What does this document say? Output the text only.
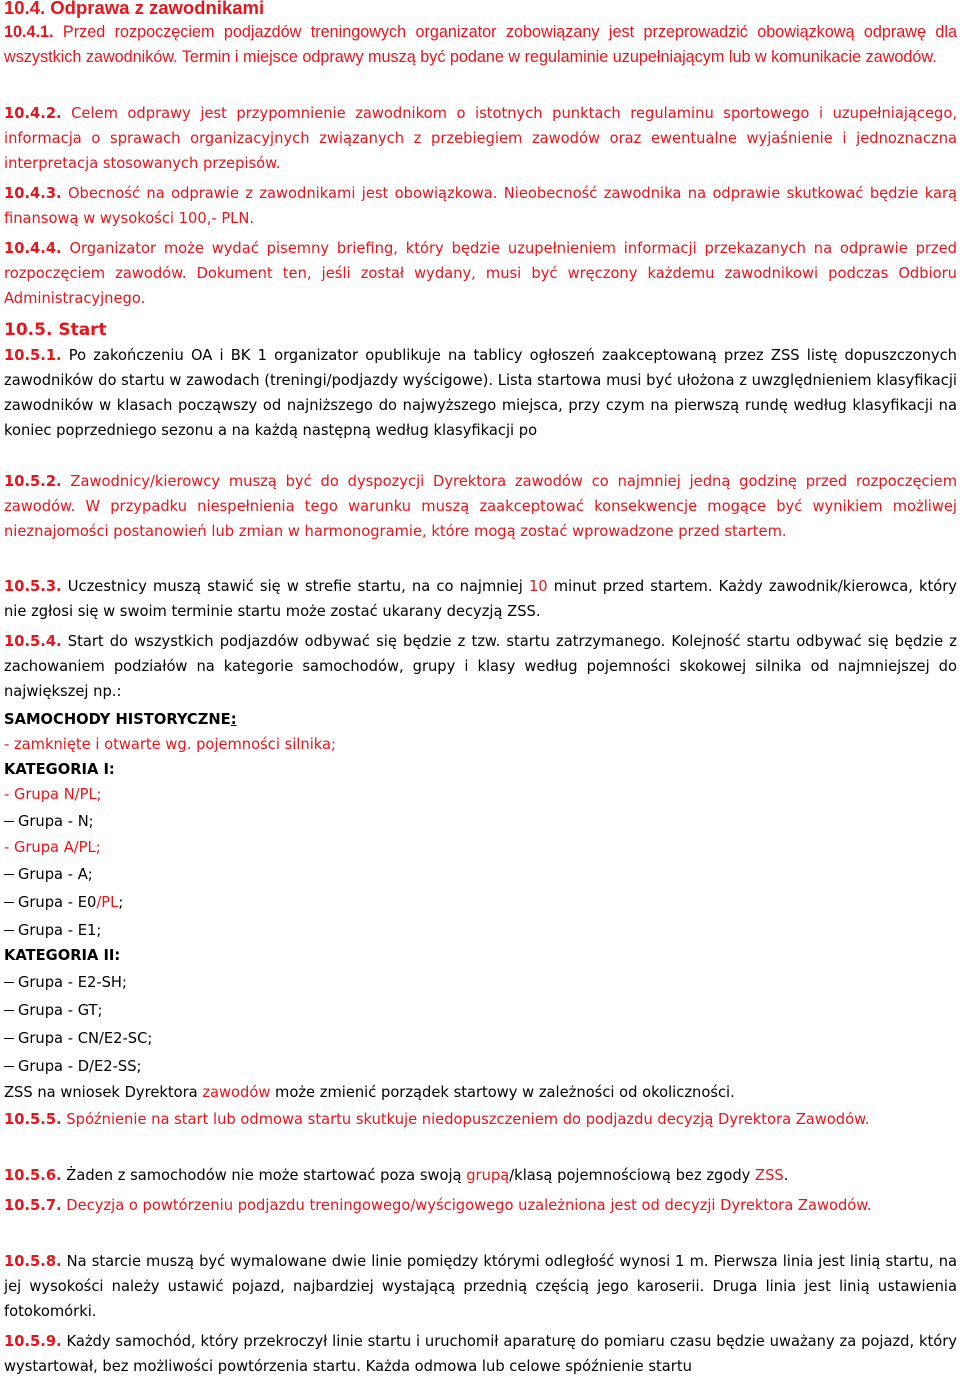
10.4. Odprawa z zawodnikami

10.4.1. Przed rozpoczęciem podjazdów treningowych organizator zobowiązany jest przeprowadzić obowiązkową odprawę dla wszystkich zawodników. Termin i miejsce odprawy muszą być podane w regulaminie uzupełniającym lub w komunikacie zawodów.

10.4.2. Celem odprawy jest przypomnienie zawodnikom o istotnych punktach regulaminu sportowego i uzupełniającego, informacja o sprawach organizacyjnych związanych z przebiegiem zawodów oraz ewentualne wyjaśnienie i jednoznaczna interpretacja stosowanych przepisów.

10.4.3. Obecność na odprawie z zawodnikami jest obowiązkowa. Nieobecność zawodnika na odprawie skutkować będzie karą finansową w wysokości 100,- PLN.

10.4.4. Organizator może wydać pisemny briefing, który będzie uzupełnieniem informacji przekazanych na odprawie przed rozpoczęciem zawodów. Dokument ten, jeśli został wydany, musi być wręczony każdemu zawodnikowi podczas Odbioru Administracyjnego.

10.5. Start

10.5.1. Po zakończeniu OA i BK 1 organizator opublikuje na tablicy ogłoszeń zaakceptowaną przez ZSS listę dopuszczonych zawodników do startu w zawodach (treningi/podjazdy wyścigowe). Lista startowa musi być ułożona z uwzględnieniem klasyfikacji zawodników w klasach począwszy od najniższego do najwyższego miejsca, przy czym na pierwszą rundę według klasyfikacji na koniec poprzedniego sezonu a na każdą następną według klasyfikacji po

10.5.2. Zawodnicy/kierowcy muszą być do dyspozycji Dyrektora zawodów co najmniej jedną godzinę przed rozpoczęciem zawodów. W przypadku niespełnienia tego warunku muszą zaakceptować konsekwencje mogące być wynikiem możliwej nieznajomości postanowień lub zmian w harmonogramie, które mogą zostać wprowadzone przed startem.

10.5.3. Uczestnicy muszą stawić się w strefie startu, na co najmniej 10 minut przed startem. Każdy zawodnik/kierowca, który nie zgłosi się w swoim terminie startu może zostać ukarany decyzją ZSS.

10.5.4. Start do wszystkich podjazdów odbywać się będzie z tzw. startu zatrzymanego. Kolejność startu odbywać się będzie z zachowaniem podziałów na kategorie samochodów, grupy i klasy według pojemności skokowej silnika od najmniejszej do największej np.:

SAMOCHODY HISTORYCZNE:
- zamknięte i otwarte wg. pojemności silnika;
KATEGORIA I:
- Grupa N/PL;
Grupa - N;
- Grupa A/PL;
Grupa - A;
Grupa - E0/PL;
Grupa - E1;
KATEGORIA II:
Grupa - E2-SH;
Grupa - GT;
Grupa - CN/E2-SC;
Grupa - D/E2-SS;
ZSS na wniosek Dyrektora zawodów może zmienić porządek startowy w zależności od okoliczności.

10.5.5. Spóźnienie na start lub odmowa startu skutkuje niedopuszczeniem do podjazdu decyzją Dyrektora Zawodów.

10.5.6. Żaden z samochodów nie może startować poza swoją grupą/klasą pojemnościową bez zgody ZSS.

10.5.7. Decyzja o powtórzeniu podjazdu treningowego/wyścigowego uzależniona jest od decyzji Dyrektora Zawodów.

10.5.8. Na starcie muszą być wymalowane dwie linie pomiędzy którymi odległość wynosi 1 m. Pierwsza linia jest linią startu, na jej wysokości należy ustawić pojazd, najbardziej wystającą przednią częścią jego karoserii. Druga linia jest linią ustawienia fotokomórki.

10.5.9. Każdy samochód, który przekroczył linie startu i uruchomił aparaturę do pomiaru czasu będzie uważany za pojazd, który wystartował, bez możliwości powtórzenia startu. Każda odmowa lub celowe spóźnienie startu
